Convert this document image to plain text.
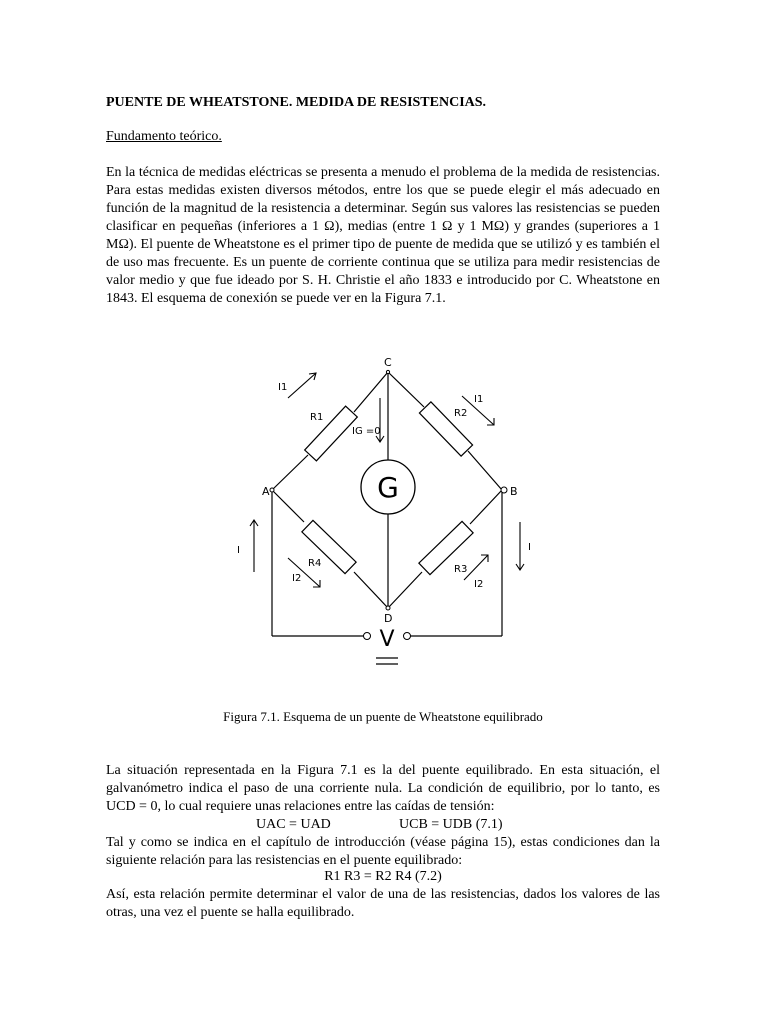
PUENTE DE WHEATSTONE. MEDIDA DE RESISTENCIAS.
Fundamento teórico.
En la técnica de medidas eléctricas se presenta a menudo el problema de la medida de resistencias. Para estas medidas existen diversos métodos, entre los que se puede elegir el más adecuado en función de la magnitud de la resistencia a determinar. Según sus valores las resistencias se pueden clasificar en pequeñas (inferiores a 1 Ω), medias (entre 1 Ω y 1 MΩ) y grandes (superiores a 1 MΩ). El puente de Wheatstone es el primer tipo de puente de medida que se utilizó y es también el de uso mas frecuente. Es un puente de corriente continua que se utiliza para medir resistencias de valor medio y que fue ideado por S. H. Christie el año 1833 e introducido por C. Wheatstone en 1843. El esquema de conexión se puede ver en la Figura 7.1.
G
V
C
A	B
D
R1	R2
R4
R3
IG =0
I1
I1
I2
I2
I	I
Figura 7.1. Esquema de un puente de Wheatstone equilibrado
La situación representada en la Figura 7.1 es la del puente equilibrado. En esta situación, el galvanómetro indica el paso de una corriente nula. La condición de equilibrio, por lo tanto, es UCD = 0, lo cual requiere unas relaciones entre las caídas de tensión:
UAC = UAD	UCB = UDB (7.1)
Tal y como se indica en el capítulo de introducción (véase página 15), estas condiciones dan la siguiente relación para las resistencias en el puente equilibrado:
R1 R3 = R2 R4 (7.2)
Así, esta relación permite determinar el valor de una de las resistencias, dados los valores de las otras, una vez el puente se halla equilibrado.
